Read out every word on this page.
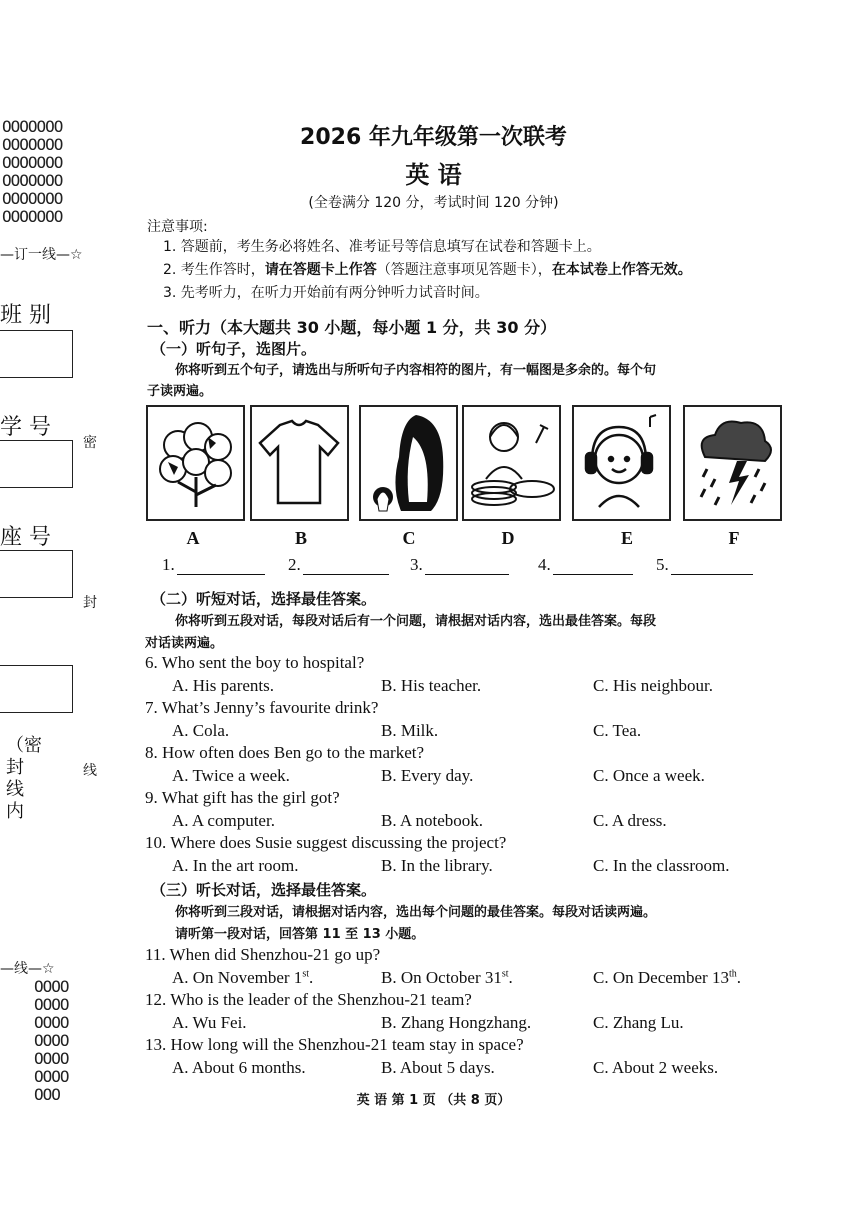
OOOOOOO
OOOOOOO
OOOOOOO
OOOOOOO
OOOOOOO
OOOOOOO
—订一线—☆
班 别
学 号
密
座 号
封
线
（密封线内
—线—☆
OOOO
OOOO
OOOO
OOOO
OOOO
OOOO
OOO
2026 年九年级第一次联考
英 语
(全卷满分 120 分，考试时间 120 分钟)
注意事项:
1. 答题前，考生务必将姓名、准考证号等信息填写在试卷和答题卡上。
2. 考生作答时，请在答题卡上作答（答题注意事项见答题卡），在本试卷上作答无效。
3. 先考听力，在听力开始前有两分钟听力试音时间。
一、听力（本大题共 30 小题，每小题 1 分，共 30 分）
（一）听句子，选图片。
你将听到五个句子，请选出与所听句子内容相符的图片，有一幅图是多余的。每个句
子读两遍。
A	B	C	D	E	F
1.	2.	3.	4.	5.
（二）听短对话，选择最佳答案。
你将听到五段对话，每段对话后有一个问题，请根据对话内容，选出最佳答案。每段
对话读两遍。
6. Who sent the boy to hospital?
A. His parents.	B. His teacher.	C. His neighbour.
7. What’s Jenny’s favourite drink?
A. Cola.	B. Milk.	C. Tea.
8. How often does Ben go to the market?
A. Twice a week.	B. Every day.	C. Once a week.
9. What gift has the girl got?
A. A computer.	B. A notebook.	C. A dress.
10. Where does Susie suggest discussing the project?
A. In the art room.	B. In the library.	C. In the classroom.
（三）听长对话，选择最佳答案。
你将听到三段对话，请根据对话内容，选出每个问题的最佳答案。每段对话读两遍。
请听第一段对话，回答第 11 至 13 小题。
11. When did Shenzhou-21 go up?
A. On November 1st.	B. On October 31st.	C. On December 13th.
12. Who is the leader of the Shenzhou-21 team?
A. Wu Fei.	B. Zhang Hongzhang.	C. Zhang Lu.
13. How long will the Shenzhou-21 team stay in space?
A. About 6 months.	B. About 5 days.	C. About 2 weeks.
英 语 第 1 页 （共 8 页）
